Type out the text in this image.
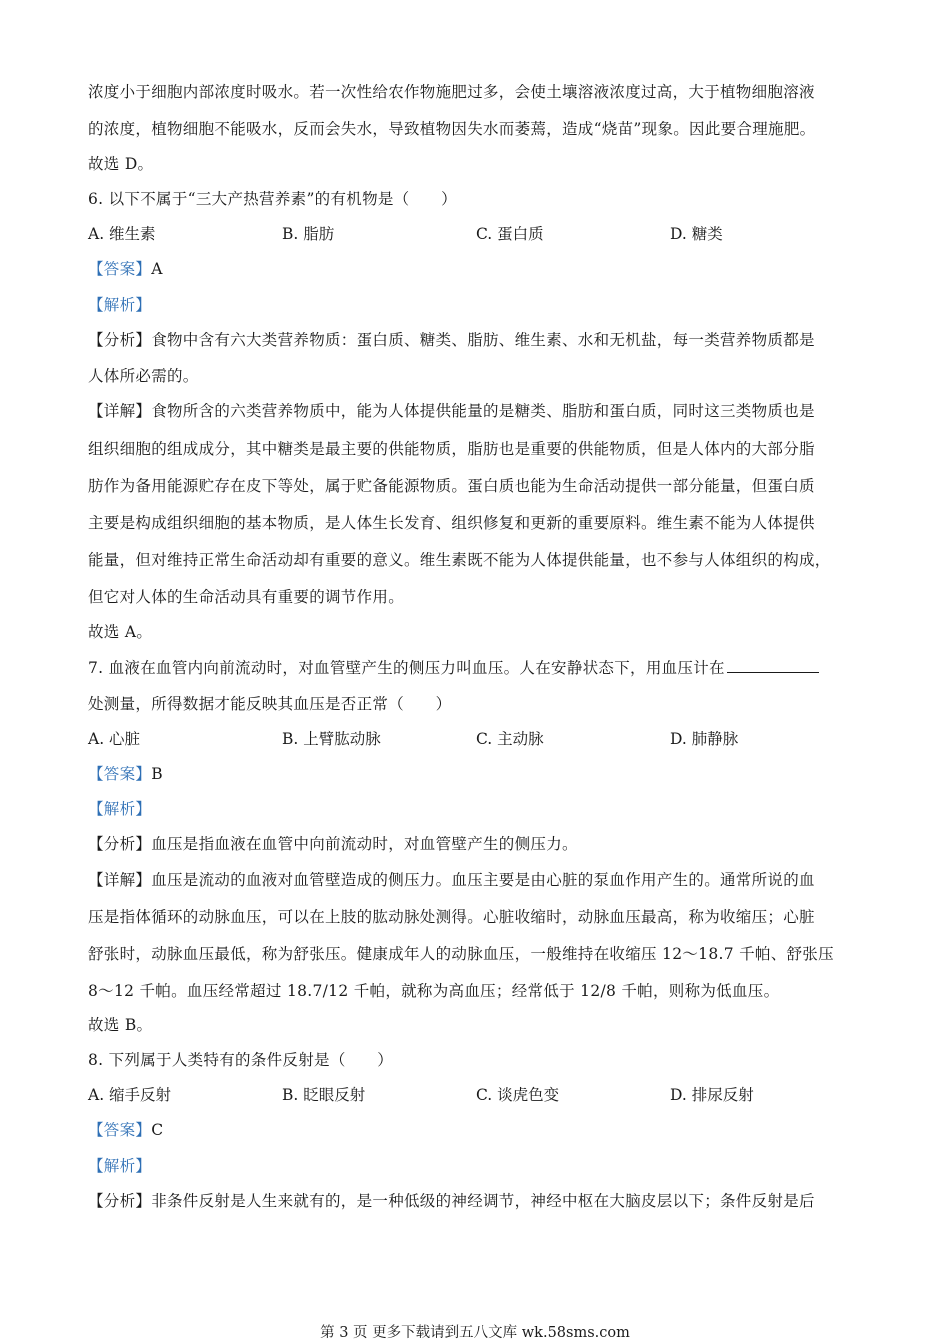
浓度小于细胞内部浓度时吸水。若一次性给农作物施肥过多，会使土壤溶液浓度过高，大于植物细胞溶液
的浓度，植物细胞不能吸水，反而会失水，导致植物因失水而萎蔫，造成“烧苗”现象。因此要合理施肥。
故选 D。
6. 以下不属于“三大产热营养素”的有机物是（　　）
A. 维生素	B. 脂肪	C. 蛋白质	D. 糖类
【答案】A
【解析】
【分析】食物中含有六大类营养物质：蛋白质、糖类、脂肪、维生素、水和无机盐，每一类营养物质都是
人体所必需的。
【详解】食物所含的六类营养物质中，能为人体提供能量的是糖类、脂肪和蛋白质，同时这三类物质也是
组织细胞的组成成分，其中糖类是最主要的供能物质，脂肪也是重要的供能物质，但是人体内的大部分脂
肪作为备用能源贮存在皮下等处，属于贮备能源物质。蛋白质也能为生命活动提供一部分能量，但蛋白质
主要是构成组织细胞的基本物质，是人体生长发育、组织修复和更新的重要原料。维生素不能为人体提供
能量，但对维持正常生命活动却有重要的意义。维生素既不能为人体提供能量，也不参与人体组织的构成，
但它对人体的生命活动具有重要的调节作用。
故选 A。
7. 血液在血管内向前流动时，对血管壁产生的侧压力叫血压。人在安静状态下，用血压计在
处测量，所得数据才能反映其血压是否正常（　　）
A. 心脏	B. 上臂肱动脉	C. 主动脉	D. 肺静脉
【答案】B
【解析】
【分析】血压是指血液在血管中向前流动时，对血管壁产生的侧压力。
【详解】血压是流动的血液对血管壁造成的侧压力。血压主要是由心脏的泵血作用产生的。通常所说的血
压是指体循环的动脉血压，可以在上肢的肱动脉处测得。心脏收缩时，动脉血压最高，称为收缩压；心脏
舒张时，动脉血压最低，称为舒张压。健康成年人的动脉血压，一般维持在收缩压 12～18.7 千帕、舒张压
8～12 千帕。血压经常超过 18.7/12 千帕，就称为高血压；经常低于 12/8 千帕，则称为低血压。
故选 B。
8. 下列属于人类特有的条件反射是（　　）
A. 缩手反射	B. 眨眼反射	C. 谈虎色变	D. 排尿反射
【答案】C
【解析】
【分析】非条件反射是人生来就有的，是一种低级的神经调节，神经中枢在大脑皮层以下；条件反射是后
第 3 页 更多下载请到五八文库 wk.58sms.com
